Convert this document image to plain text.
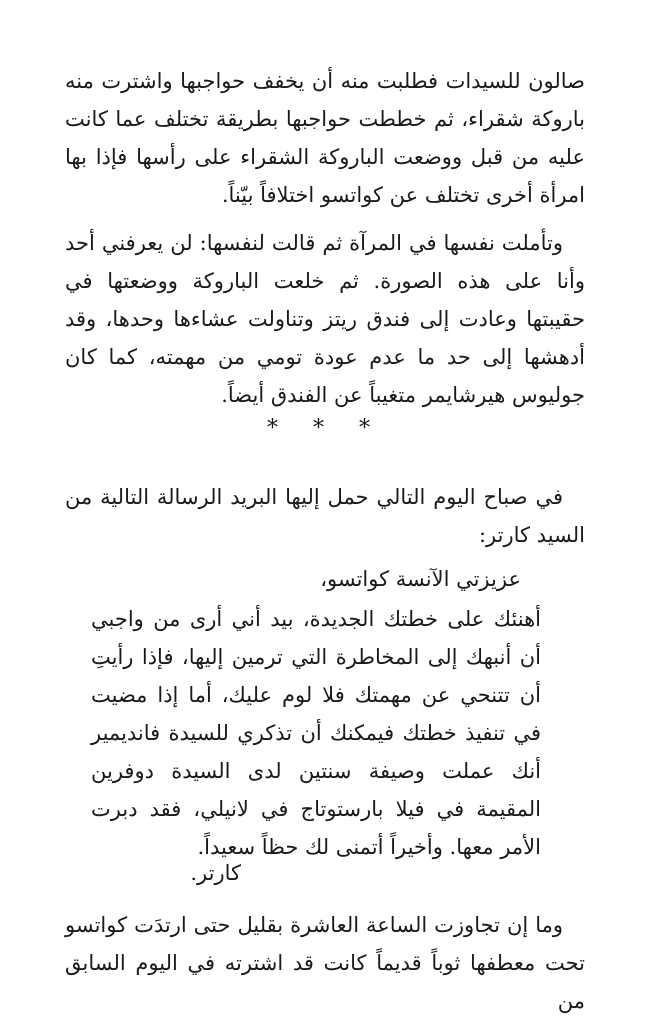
صالون للسيدات فطلبت منه أن يخفف حواجبها واشترت منه باروكة شقراء، ثم خططت حواجبها بطريقة تختلف عما كانت عليه من قبل ووضعت الباروكة الشقراء على رأسها فإذا بها امرأة أخرى تختلف عن كواتسو اختلافاً بيّناً.

وتأملت نفسها في المرآة ثم قالت لنفسها: لن يعرفني أحد وأنا على هذه الصورة. ثم خلعت الباروكة ووضعتها في حقيبتها وعادت إلى فندق ريتز وتناولت عشاءها وحدها، وقد أدهشها إلى حد ما عدم عودة تومي من مهمته، كما كان جوليوس هيرشايمر متغيباً عن الفندق أيضاً.

* * *

في صباح اليوم التالي حمل إليها البريد الرسالة التالية من السيد كارتر:

عزيزتي الآنسة كواتسو،
أهنئك على خطتك الجديدة، بيد أني أرى من واجبي أن أنبهك إلى المخاطرة التي ترمين إليها، فإذا رأيتِ أن تتنحي عن مهمتك فلا لوم عليك، أما إذا مضيت في تنفيذ خطتك فيمكنك أن تذكري للسيدة فانديمير أنك عملت وصيفة سنتين لدى السيدة دوفرين المقيمة في فيلا بارستوتاج في لانيلي، فقد دبرت الأمر معها. وأخيراً أتمنى لك حظاً سعيداً.
كارتر.

وما إن تجاوزت الساعة العاشرة بقليل حتى ارتدَت كواتسو تحت معطفها ثوباً قديماً كانت قد اشترته في اليوم السابق من
